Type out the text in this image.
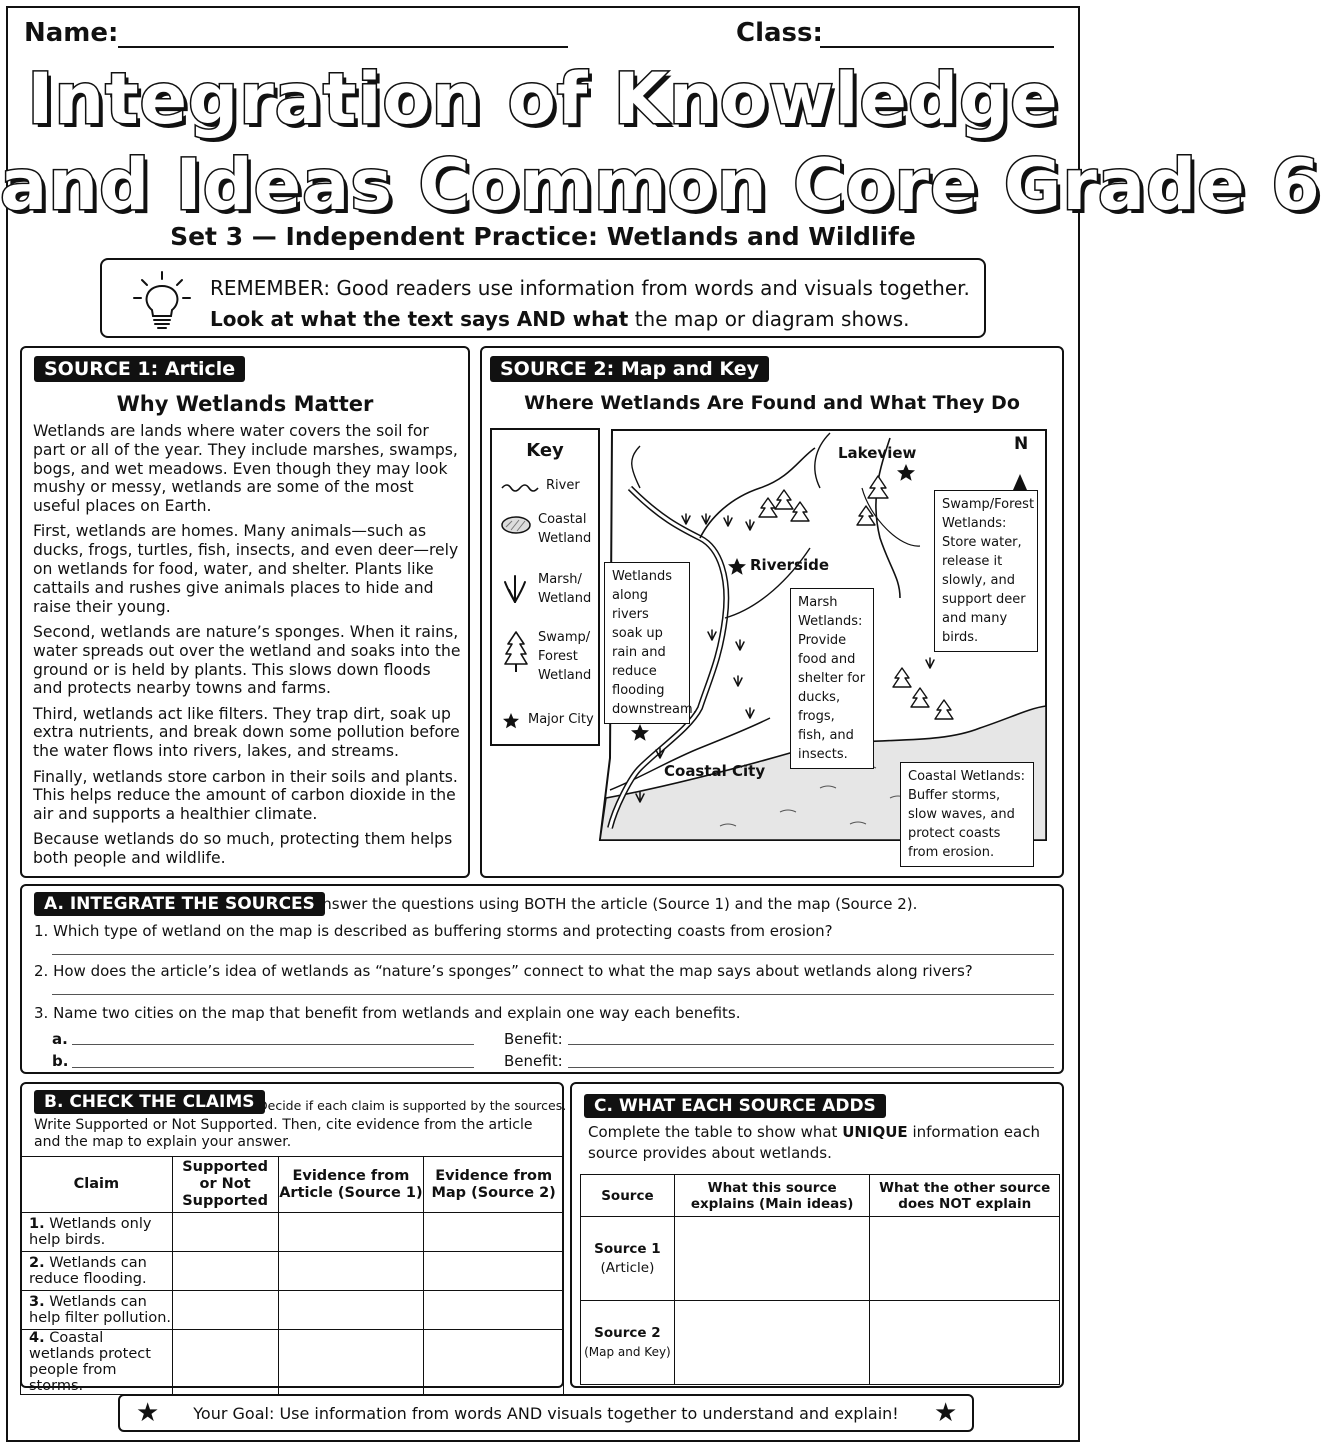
Name:	Class:
Integration of Knowledge
and Ideas Common Core Grade 6
Set 3 — Independent Practice: Wetlands and Wildlife
REMEMBER: Good readers use information from words and visuals together.
Look at what the text says AND what the map or diagram shows.
SOURCE 1: Article
Why Wetlands Matter

Wetlands are lands where water covers the soil for part or all of the year. They include marshes, swamps, bogs, and wet meadows. Even though they may look mushy or messy, wetlands are some of the most useful places on Earth.

First, wetlands are homes. Many animals—such as ducks, frogs, turtles, fish, insects, and even deer—rely on wetlands for food, water, and shelter. Plants like cattails and rushes give animals places to hide and raise their young.

Second, wetlands are nature’s sponges. When it rains, water spreads out over the wetland and soaks into the ground or is held by plants. This slows down floods and protects nearby towns and farms.

Third, wetlands act like filters. They trap dirt, soak up extra nutrients, and break down some pollution before the water flows into rivers, lakes, and streams.

Finally, wetlands store carbon in their soils and plants. This helps reduce the amount of carbon dioxide in the air and supports a healthier climate.

Because wetlands do so much, protecting them helps both people and wildlife.

SOURCE 2: Map and Key
Where Wetlands Are Found and What They Do
Key
River
Coastal Wetland
Marsh/ Wetland
Swamp/ Forest Wetland
Major City
Lakeview
Riverside
Coastal City
N
Wetlands along rivers soak up rain and reduce flooding downstream.
Marsh Wetlands: Provide food and shelter for ducks, frogs, fish, and insects.
Swamp/Forest Wetlands: Store water, release it slowly, and support deer and many birds.
Coastal Wetlands: Buffer storms, slow waves, and protect coasts from erosion.
A. INTEGRATE THE SOURCES
Answer the questions using BOTH the article (Source 1) and the map (Source 2).
1. Which type of wetland on the map is described as buffering storms and protecting coasts from erosion?
2. How does the article’s idea of wetlands as “nature’s sponges” connect to what the map says about wetlands along rivers?
3. Name two cities on the map that benefit from wetlands and explain one way each benefits.
a.	Benefit:
b.	Benefit:
B. CHECK THE CLAIMS Decide if each claim is supported by the sources.
Write Supported or Not Supported. Then, cite evidence from the article and the map to explain your answer.
Claim	Supported or Not Supported	Evidence from Article (Source 1)	Evidence from Map (Source 2)
1. Wetlands only help birds.			
2. Wetlands can reduce flooding.			
3. Wetlands can help filter pollution.			
4. Coastal wetlands protect people from storms.			
C. WHAT EACH SOURCE ADDS
Complete the table to show what UNIQUE information each source provides about wetlands.
Source	What this source explains (Main ideas)	What the other source does NOT explain
Source 1
(Article)		
Source 2
(Map and Key)		
★	Your Goal: Use information from words AND visuals together to understand and explain!	★
